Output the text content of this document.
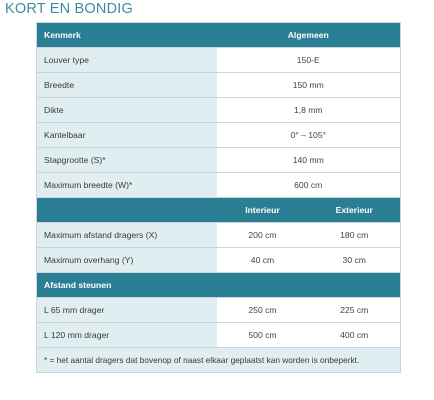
KORT EN BONDIG
Kenmerk	Algemeen	
Louver type	150-E	
Breedte	150 mm	
Dikte	1,8 mm	
Kantelbaar	0° – 105°	
Stapgrootte (S)*	140 mm	
Maximum breedte (W)*	600 cm	
	Interieur	Exterieur
Maximum afstand dragers (X)	200 cm	180 cm
Maximum overhang (Y)	40 cm	30 cm
Afstand steunen		
L 65 mm drager	250 cm	225 cm
L 120 mm drager	500 cm	400 cm
* = het aantal dragers dat bovenop of naast elkaar geplaatst kan worden is onbeperkt.		
